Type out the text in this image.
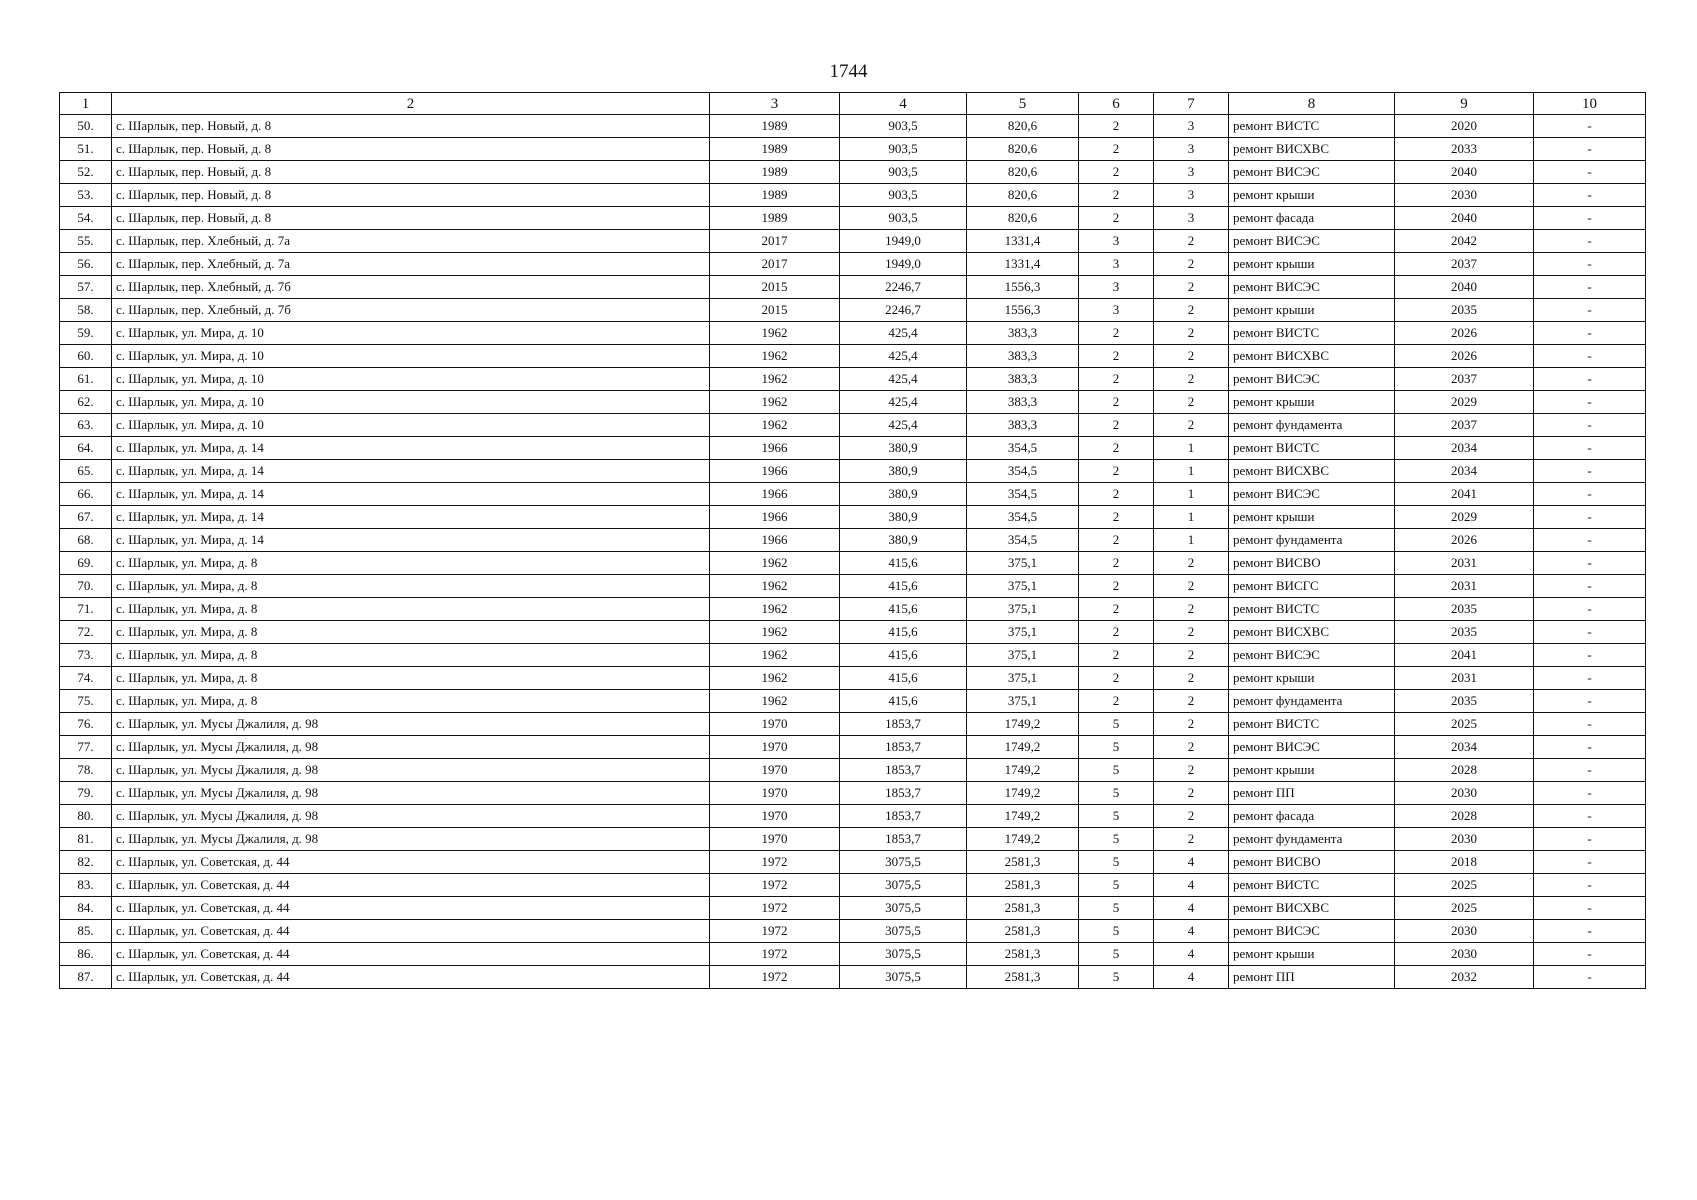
1744
1	2	3	4	5	6	7	8	9	10
50.	с. Шарлык, пер. Новый, д. 8	1989	903,5	820,6	2	3	ремонт ВИСТС	2020	-
51.	с. Шарлык, пер. Новый, д. 8	1989	903,5	820,6	2	3	ремонт ВИСХВС	2033	-
52.	с. Шарлык, пер. Новый, д. 8	1989	903,5	820,6	2	3	ремонт ВИСЭС	2040	-
53.	с. Шарлык, пер. Новый, д. 8	1989	903,5	820,6	2	3	ремонт крыши	2030	-
54.	с. Шарлык, пер. Новый, д. 8	1989	903,5	820,6	2	3	ремонт фасада	2040	-
55.	с. Шарлык, пер. Хлебный, д. 7а	2017	1949,0	1331,4	3	2	ремонт ВИСЭС	2042	-
56.	с. Шарлык, пер. Хлебный, д. 7а	2017	1949,0	1331,4	3	2	ремонт крыши	2037	-
57.	с. Шарлык, пер. Хлебный, д. 7б	2015	2246,7	1556,3	3	2	ремонт ВИСЭС	2040	-
58.	с. Шарлык, пер. Хлебный, д. 7б	2015	2246,7	1556,3	3	2	ремонт крыши	2035	-
59.	с. Шарлык, ул. Мира, д. 10	1962	425,4	383,3	2	2	ремонт ВИСТС	2026	-
60.	с. Шарлык, ул. Мира, д. 10	1962	425,4	383,3	2	2	ремонт ВИСХВС	2026	-
61.	с. Шарлык, ул. Мира, д. 10	1962	425,4	383,3	2	2	ремонт ВИСЭС	2037	-
62.	с. Шарлык, ул. Мира, д. 10	1962	425,4	383,3	2	2	ремонт крыши	2029	-
63.	с. Шарлык, ул. Мира, д. 10	1962	425,4	383,3	2	2	ремонт фундамента	2037	-
64.	с. Шарлык, ул. Мира, д. 14	1966	380,9	354,5	2	1	ремонт ВИСТС	2034	-
65.	с. Шарлык, ул. Мира, д. 14	1966	380,9	354,5	2	1	ремонт ВИСХВС	2034	-
66.	с. Шарлык, ул. Мира, д. 14	1966	380,9	354,5	2	1	ремонт ВИСЭС	2041	-
67.	с. Шарлык, ул. Мира, д. 14	1966	380,9	354,5	2	1	ремонт крыши	2029	-
68.	с. Шарлык, ул. Мира, д. 14	1966	380,9	354,5	2	1	ремонт фундамента	2026	-
69.	с. Шарлык, ул. Мира, д. 8	1962	415,6	375,1	2	2	ремонт ВИСВО	2031	-
70.	с. Шарлык, ул. Мира, д. 8	1962	415,6	375,1	2	2	ремонт ВИСГС	2031	-
71.	с. Шарлык, ул. Мира, д. 8	1962	415,6	375,1	2	2	ремонт ВИСТС	2035	-
72.	с. Шарлык, ул. Мира, д. 8	1962	415,6	375,1	2	2	ремонт ВИСХВС	2035	-
73.	с. Шарлык, ул. Мира, д. 8	1962	415,6	375,1	2	2	ремонт ВИСЭС	2041	-
74.	с. Шарлык, ул. Мира, д. 8	1962	415,6	375,1	2	2	ремонт крыши	2031	-
75.	с. Шарлык, ул. Мира, д. 8	1962	415,6	375,1	2	2	ремонт фундамента	2035	-
76.	с. Шарлык, ул. Мусы Джалиля, д. 98	1970	1853,7	1749,2	5	2	ремонт ВИСТС	2025	-
77.	с. Шарлык, ул. Мусы Джалиля, д. 98	1970	1853,7	1749,2	5	2	ремонт ВИСЭС	2034	-
78.	с. Шарлык, ул. Мусы Джалиля, д. 98	1970	1853,7	1749,2	5	2	ремонт крыши	2028	-
79.	с. Шарлык, ул. Мусы Джалиля, д. 98	1970	1853,7	1749,2	5	2	ремонт ПП	2030	-
80.	с. Шарлык, ул. Мусы Джалиля, д. 98	1970	1853,7	1749,2	5	2	ремонт фасада	2028	-
81.	с. Шарлык, ул. Мусы Джалиля, д. 98	1970	1853,7	1749,2	5	2	ремонт фундамента	2030	-
82.	с. Шарлык, ул. Советская, д. 44	1972	3075,5	2581,3	5	4	ремонт ВИСВО	2018	-
83.	с. Шарлык, ул. Советская, д. 44	1972	3075,5	2581,3	5	4	ремонт ВИСТС	2025	-
84.	с. Шарлык, ул. Советская, д. 44	1972	3075,5	2581,3	5	4	ремонт ВИСХВС	2025	-
85.	с. Шарлык, ул. Советская, д. 44	1972	3075,5	2581,3	5	4	ремонт ВИСЭС	2030	-
86.	с. Шарлык, ул. Советская, д. 44	1972	3075,5	2581,3	5	4	ремонт крыши	2030	-
87.	с. Шарлык, ул. Советская, д. 44	1972	3075,5	2581,3	5	4	ремонт ПП	2032	-
